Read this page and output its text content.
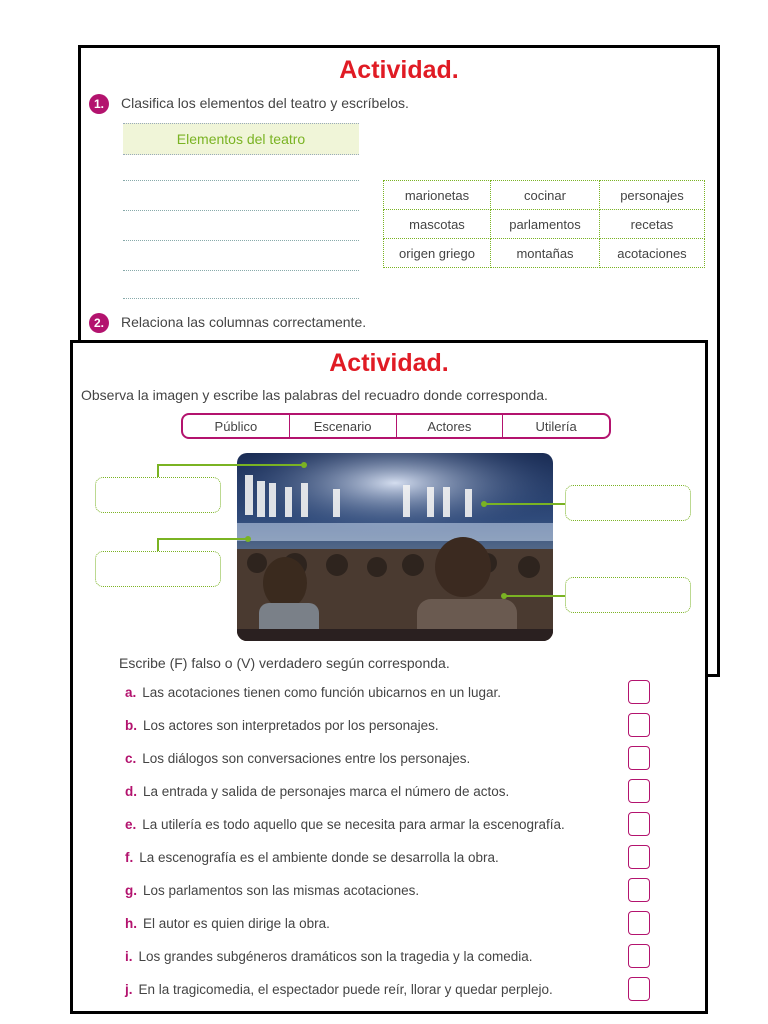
Actividad.
1.	Clasifica los elementos del teatro y escríbelos.
Elementos del teatro
marionetas	cocinar	personajes
mascotas	parlamentos	recetas
origen griego	montañas	acotaciones
2.	Relaciona las columnas correctamente.
Actividad.
Observa la imagen y escribe las palabras del recuadro donde corresponda.
Público	Escenario	Actores	Utilería
Escribe (F) falso o (V) verdadero según corresponda.
a. Las acotaciones tienen como función ubicarnos en un lugar.
b. Los actores son interpretados por los personajes.
c. Los diálogos son conversaciones entre los personajes.
d. La entrada y salida de personajes marca el número de actos.
e. La utilería es todo aquello que se necesita para armar la escenografía.
f. La escenografía es el ambiente donde se desarrolla la obra.
g. Los parlamentos son las mismas acotaciones.
h. El autor es quien dirige la obra.
i. Los grandes subgéneros dramáticos son la tragedia y la comedia.
j. En la tragicomedia, el espectador puede reír, llorar y quedar perplejo.
